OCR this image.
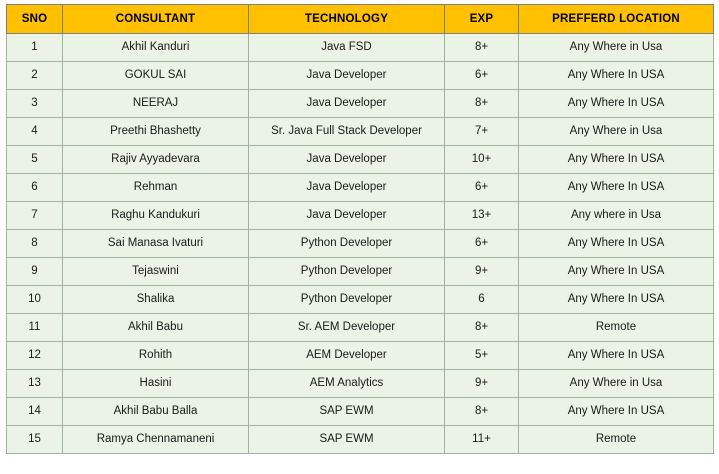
SNO	CONSULTANT	TECHNOLOGY	EXP	PREFFERD LOCATION
1	Akhil Kanduri	Java FSD	8+	Any Where in Usa
2	GOKUL SAI	Java Developer	6+	Any Where In USA
3	NEERAJ	Java Developer	8+	Any Where In USA
4	Preethi Bhashetty	Sr. Java Full Stack Developer	7+	Any Where in Usa
5	Rajiv Ayyadevara	Java Developer	10+	Any Where In USA
6	Rehman	Java Developer	6+	Any Where In USA
7	Raghu Kandukuri	Java Developer	13+	Any where in Usa
8	Sai Manasa Ivaturi	Python Developer	6+	Any Where In USA
9	Tejaswini	Python Developer	9+	Any Where In USA
10	Shalika	Python Developer	6	Any Where In USA
11	Akhil Babu	Sr. AEM Developer	8+	Remote
12	Rohith	AEM Developer	5+	Any Where In USA
13	Hasini	AEM Analytics	9+	Any Where in Usa
14	Akhil Babu Balla	SAP EWM	8+	Any Where In USA
15	Ramya Chennamaneni	SAP EWM	11+	Remote
